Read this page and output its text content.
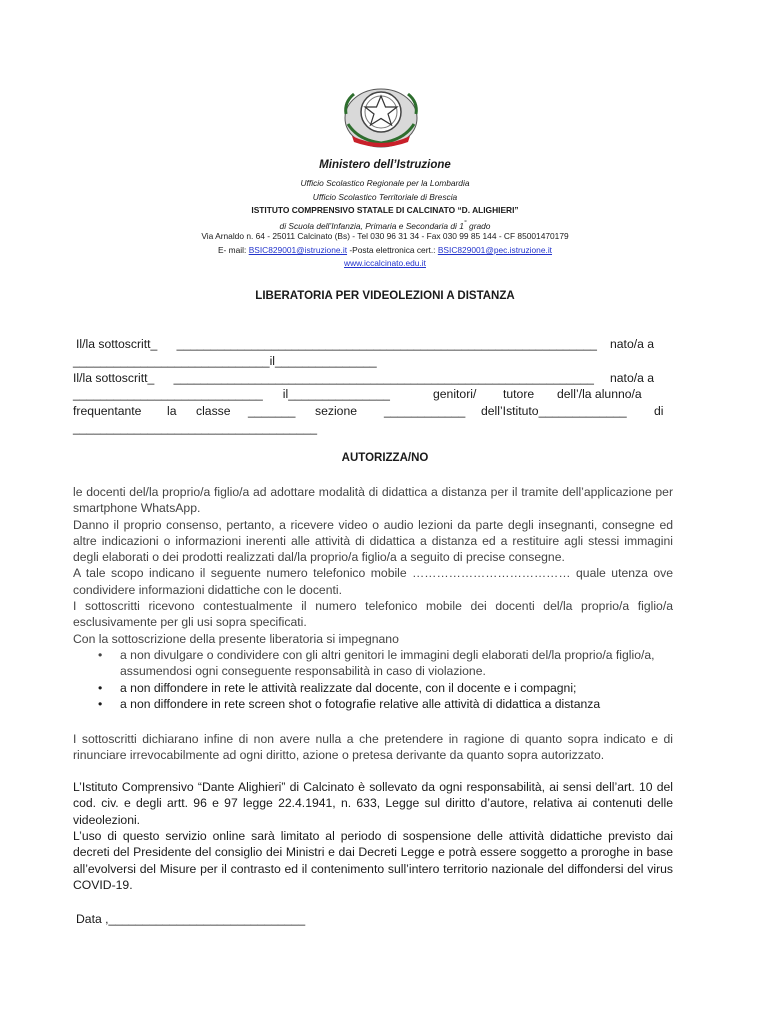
Ministero dell’Istruzione
Ufficio Scolastico Regionale per la Lombardia
Ufficio Scolastico Territoriale di Brescia
ISTITUTO COMPRENSIVO STATALE DI CALCINATO “D. ALIGHIERI”
di Scuola dell’Infanzia, Primaria e Secondaria di 1° grado
Via Arnaldo n. 64 - 25011 Calcinato (Bs) - Tel 030 96 31 34 - Fax 030 99 85 144 - CF 85001470179
E- mail: BSIC829001@istruzione.it -Posta elettronica cert.: BSIC829001@pec.istruzione.it
www.iccalcinato.edu.it
LIBERATORIA PER VIDEOLEZIONI A DISTANZA
Il/la sottoscritt_ ______________________________________________________________ nato/a a
_____________________________il_______________
Il/la sottoscritt_ ______________________________________________________________ nato/a a
____________________________ il_______________	genitori/ tutore dell’/la alunno/a
frequentante la classe _______ sezione ____________ dell’Istituto_____________ di
____________________________________
AUTORIZZA/NO

le docenti del/la proprio/a figlio/a ad adottare modalità di didattica a distanza per il tramite dell’applicazione per smartphone WhatsApp.

Danno il proprio consenso, pertanto, a ricevere video o audio lezioni da parte degli insegnanti, consegne ed altre indicazioni o informazioni inerenti alle attività di didattica a distanza ed a restituire agli stessi immagini degli elaborati o dei prodotti realizzati dal/la proprio/a figlio/a a seguito di precise consegne.

A tale scopo indicano il seguente numero telefonico mobile ………………………………… quale utenza ove condividere informazioni didattiche con le docenti.

I sottoscritti ricevono contestualmente il numero telefonico mobile dei docenti del/la proprio/a figlio/a esclusivamente per gli usi sopra specificati.

Con la sottoscrizione della presente liberatoria si impegnano

• a non divulgare o condividere con gli altri genitori le immagini degli elaborati del/la proprio/a figlio/a, assumendosi ogni conseguente responsabilità in caso di violazione.
• a non diffondere in rete le attività realizzate dal docente, con il docente e i compagni;
• a non diffondere in rete screen shot o fotografie relative alle attività di didattica a distanza
I sottoscritti dichiarano infine di non avere nulla a che pretendere in ragione di quanto sopra indicato e di rinunciare irrevocabilmente ad ogni diritto, azione o pretesa derivante da quanto sopra autorizzato.
L’Istituto Comprensivo “Dante Alighieri” di Calcinato è sollevato da ogni responsabilità, ai sensi dell’art. 10 del cod. civ. e degli artt. 96 e 97 legge 22.4.1941, n. 633, Legge sul diritto d’autore, relativa ai contenuti delle videolezioni.
L’uso di questo servizio online sarà limitato al periodo di sospensione delle attività didattiche previsto dai decreti del Presidente del consiglio dei Ministri e dai Decreti Legge e potrà essere soggetto a proroghe in base all’evolversi del Misure per il contrasto ed il contenimento sull’intero territorio nazionale del diffondersi del virus COVID-19.
Data ,_____________________________
